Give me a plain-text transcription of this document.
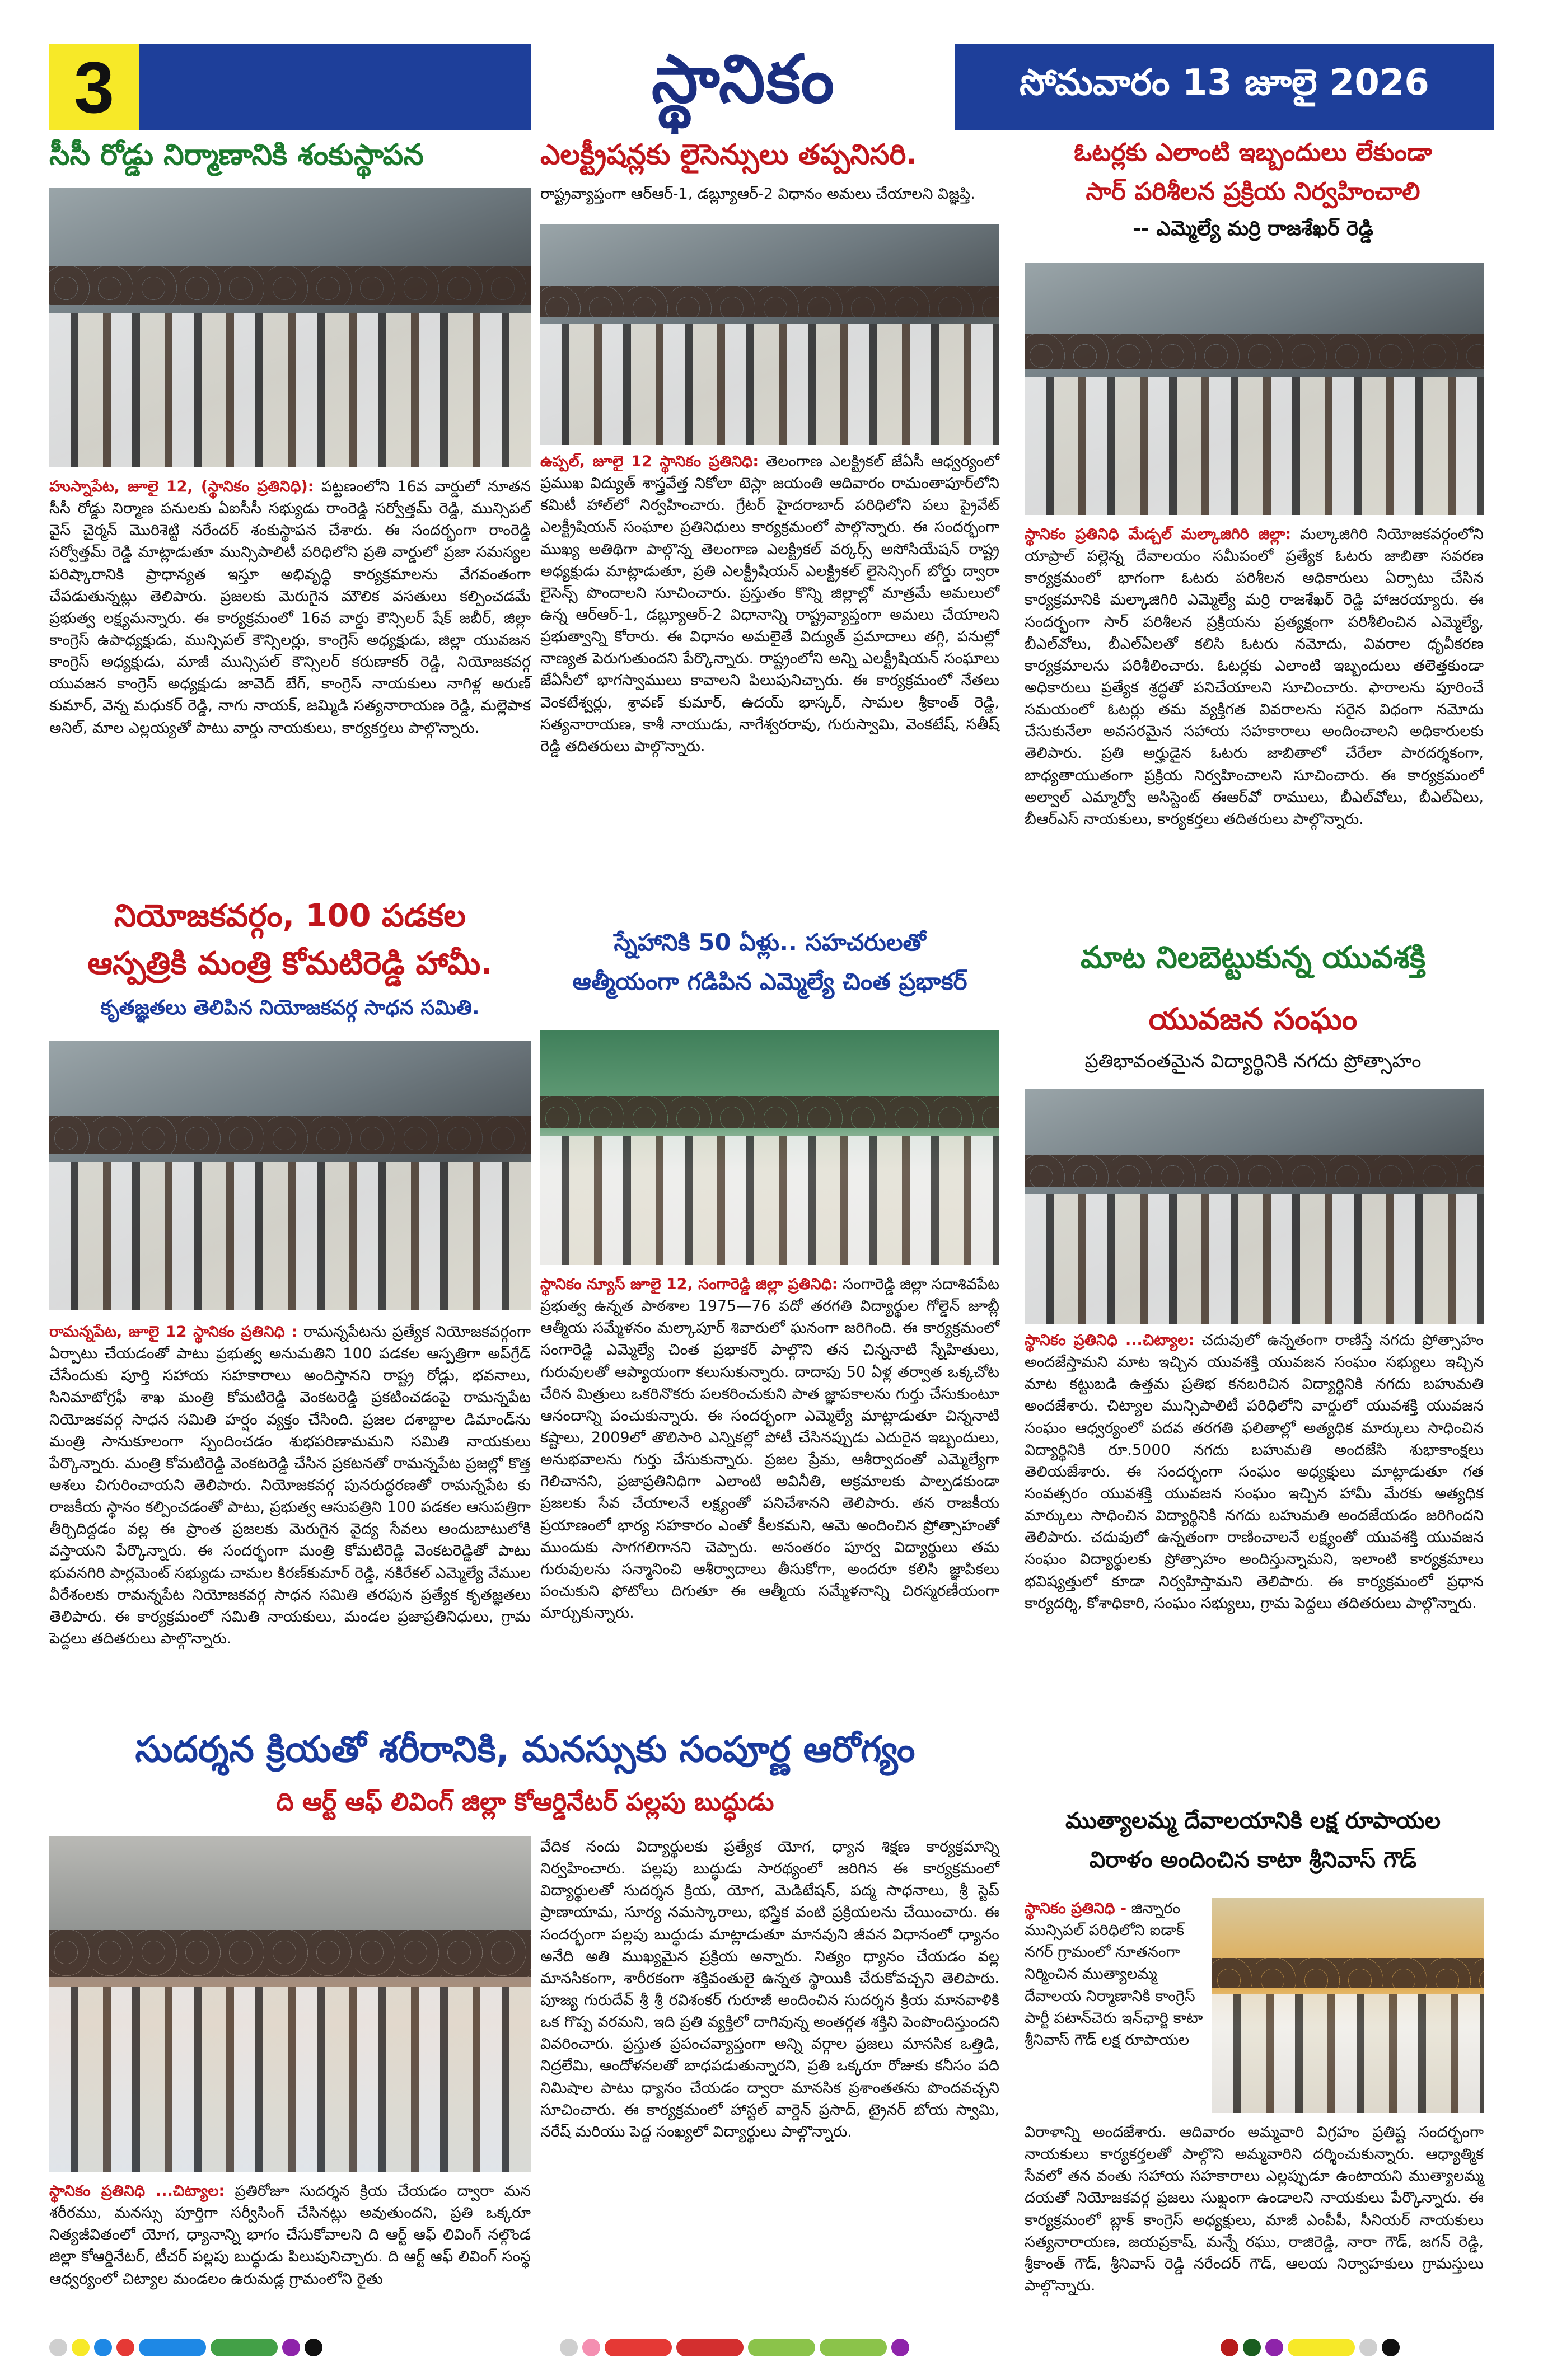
3	స్థానికం	సోమవారం 13 జూలై 2026
సీసీ రోడ్డు నిర్మాణానికి శంకుస్థాపన
హుస్నాపేట, జూలై 12, (స్థానికం ప్రతినిధి): పట్టణంలోని 16వ వార్డులో నూతన సీసీ రోడ్డు నిర్మాణ పనులకు ఏఐసీసీ సభ్యుడు రాంరెడ్డి సర్వోత్తమ్ రెడ్డి, మున్సిపల్ వైస్ చైర్మన్ మొరిశెట్టి నరేందర్ శంకుస్థాపన చేశారు. ఈ సందర్భంగా రాంరెడ్డి సర్వోత్తమ్ రెడ్డి మాట్లాడుతూ మున్సిపాలిటీ పరిధిలోని ప్రతి వార్డులో ప్రజా సమస్యల పరిష్కారానికి ప్రాధాన్యత ఇస్తూ అభివృద్ధి కార్యక్రమాలను వేగవంతంగా చేపడుతున్నట్లు తెలిపారు. ప్రజలకు మెరుగైన మౌలిక వసతులు కల్పించడమే ప్రభుత్వ లక్ష్యమన్నారు. ఈ కార్యక్రమంలో 16వ వార్డు కౌన్సిలర్ షేక్ జబీర్, జిల్లా కాంగ్రెస్ ఉపాధ్యక్షుడు, మున్సిపల్ కౌన్సిలర్లు, కాంగ్రెస్ అధ్యక్షుడు, జిల్లా యువజన కాంగ్రెస్ అధ్యక్షుడు, మాజీ మున్సిపల్ కౌన్సిలర్ కరుణాకర్ రెడ్డి, నియోజకవర్గ యువజన కాంగ్రెస్ అధ్యక్షుడు జావెద్ బేగ్, కాంగ్రెస్ నాయకులు నాగిళ్ల అరుణ్ కుమార్, వెన్న మధుకర్ రెడ్డి, నాగు నాయక్, జమ్మిడి సత్యనారాయణ రెడ్డి, మల్లెపాక అనిల్, మాల ఎల్లయ్యతో పాటు వార్డు నాయకులు, కార్యకర్తలు పాల్గొన్నారు.
ఎలక్ట్రీషన్లకు లైసెన్సులు తప్పనిసరి.
రాష్ట్రవ్యాప్తంగా ఆర్ఆర్-1, డబ్ల్యూఆర్-2 విధానం అమలు చేయాలని విజ్ఞప్తి.
ఉప్పల్, జూలై 12 స్థానికం ప్రతినిధి: తెలంగాణ ఎలక్ట్రికల్ జేఏసీ ఆధ్వర్యంలో ప్రముఖ విద్యుత్ శాస్త్రవేత్త నికోలా టెస్లా జయంతి ఆదివారం రామంతాపూర్‌లోని కమిటీ హాల్‌లో నిర్వహించారు. గ్రేటర్ హైదరాబాద్ పరిధిలోని పలు ప్రైవేట్ ఎలక్ట్రీషియన్ సంఘాల ప్రతినిధులు కార్యక్రమంలో పాల్గొన్నారు. ఈ సందర్భంగా ముఖ్య అతిథిగా పాల్గొన్న తెలంగాణ ఎలక్ట్రికల్ వర్కర్స్ అసోసియేషన్ రాష్ట్ర అధ్యక్షుడు మాట్లాడుతూ, ప్రతి ఎలక్ట్రీషియన్ ఎలక్ట్రికల్ లైసెన్సింగ్ బోర్డు ద్వారా లైసెన్స్ పొందాలని సూచించారు. ప్రస్తుతం కొన్ని జిల్లాల్లో మాత్రమే అమలులో ఉన్న ఆర్ఆర్-1, డబ్ల్యూఆర్-2 విధానాన్ని రాష్ట్రవ్యాప్తంగా అమలు చేయాలని ప్రభుత్వాన్ని కోరారు. ఈ విధానం అమలైతే విద్యుత్ ప్రమాదాలు తగ్గి, పనుల్లో నాణ్యత పెరుగుతుందని పేర్కొన్నారు. రాష్ట్రంలోని అన్ని ఎలక్ట్రీషియన్ సంఘాలు జేఏసీలో భాగస్వాములు కావాలని పిలుపునిచ్చారు. ఈ కార్యక్రమంలో నేతలు వెంకటేశ్వర్లు, శ్రావణ్ కుమార్, ఉదయ్ భాస్కర్, సామల శ్రీకాంత్ రెడ్డి, సత్యనారాయణ, కాశీ నాయుడు, నాగేశ్వరరావు, గురుస్వామి, వెంకటేష్, సతీష్ రెడ్డి తదితరులు పాల్గొన్నారు.
ఓటర్లకు ఎలాంటి ఇబ్బందులు లేకుండా
సార్ పరిశీలన ప్రక్రియ నిర్వహించాలి
-- ఎమ్మెల్యే మర్రి రాజశేఖర్ రెడ్డి
స్థానికం ప్రతినిధి మేడ్చల్ మల్కాజిగిరి జిల్లా: మల్కాజిగిరి నియోజకవర్గంలోని యాప్రాల్ పల్లెన్న దేవాలయం సమీపంలో ప్రత్యేక ఓటరు జాబితా సవరణ కార్యక్రమంలో భాగంగా ఓటరు పరిశీలన అధికారులు ఏర్పాటు చేసిన కార్యక్రమానికి మల్కాజిగిరి ఎమ్మెల్యే మర్రి రాజశేఖర్ రెడ్డి హాజరయ్యారు. ఈ సందర్భంగా సార్ పరిశీలన ప్రక్రియను ప్రత్యక్షంగా పరిశీలించిన ఎమ్మెల్యే, బీఎల్‌వోలు, బీఎల్ఏలతో కలిసి ఓటరు నమోదు, వివరాల ధృవీకరణ కార్యక్రమాలను పరిశీలించారు. ఓటర్లకు ఎలాంటి ఇబ్బందులు తలెత్తకుండా అధికారులు ప్రత్యేక శ్రద్ధతో పనిచేయాలని సూచించారు. ఫారాలను పూరించే సమయంలో ఓటర్లు తమ వ్యక్తిగత వివరాలను సరైన విధంగా నమోదు చేసుకునేలా అవసరమైన సహాయ సహకారాలు అందించాలని అధికారులకు తెలిపారు. ప్రతి అర్హుడైన ఓటరు జాబితాలో చేరేలా పారదర్శకంగా, బాధ్యతాయుతంగా ప్రక్రియ నిర్వహించాలని సూచించారు. ఈ కార్యక్రమంలో అల్వాల్ ఎమ్మార్వో అసిస్టెంట్ ఈఆర్‌వో రాములు, బీఎల్‌వోలు, బీఎల్ఏలు, బీఆర్ఎస్ నాయకులు, కార్యకర్తలు తదితరులు పాల్గొన్నారు.
నియోజకవర్గం, 100 పడకల
ఆస్పత్రికి మంత్రి కోమటిరెడ్డి హామీ.
కృతజ్ఞతలు తెలిపిన నియోజకవర్గ సాధన సమితి.
రామన్నపేట, జూలై 12 స్థానికం ప్రతినిధి : రామన్నపేటను ప్రత్యేక నియోజకవర్గంగా ఏర్పాటు చేయడంతో పాటు ప్రభుత్వ అనుమతిని 100 పడకల ఆస్పత్రిగా అప్‌గ్రేడ్ చేసేందుకు పూర్తి సహాయ సహకారాలు అందిస్తానని రాష్ట్ర రోడ్లు, భవనాలు, సినిమాటోగ్రఫీ శాఖ మంత్రి కోమటిరెడ్డి వెంకటరెడ్డి ప్రకటించడంపై రామన్నపేట నియోజకవర్గ సాధన సమితి హర్షం వ్యక్తం చేసింది. ప్రజల దశాబ్దాల డిమాండ్‌ను మంత్రి సానుకూలంగా స్పందించడం శుభపరిణామమని సమితి నాయకులు పేర్కొన్నారు. మంత్రి కోమటిరెడ్డి వెంకటరెడ్డి చేసిన ప్రకటనతో రామన్నపేట ప్రజల్లో కొత్త ఆశలు చిగురించాయని తెలిపారు. నియోజకవర్గ పునరుద్ధరణతో రామన్నపేట కు రాజకీయ స్థానం కల్పించడంతో పాటు, ప్రభుత్వ ఆసుపత్రిని 100 పడకల ఆసుపత్రిగా తీర్చిదిద్దడం వల్ల ఈ ప్రాంత ప్రజలకు మెరుగైన వైద్య సేవలు అందుబాటులోకి వస్తాయని పేర్కొన్నారు. ఈ సందర్భంగా మంత్రి కోమటిరెడ్డి వెంకటరెడ్డితో పాటు భువనగిరి పార్లమెంట్ సభ్యుడు చామల కిరణ్‌కుమార్ రెడ్డి, నకిరేకల్ ఎమ్మెల్యే వేముల వీరేశంలకు రామన్నపేట నియోజకవర్గ సాధన సమితి తరఫున ప్రత్యేక కృతజ్ఞతలు తెలిపారు. ఈ కార్యక్రమంలో సమితి నాయకులు, మండల ప్రజాప్రతినిధులు, గ్రామ పెద్దలు తదితరులు పాల్గొన్నారు.
స్నేహానికి 50 ఏళ్లు.. సహచరులతో
ఆత్మీయంగా గడిపిన ఎమ్మెల్యే చింత ప్రభాకర్
స్థానికం న్యూస్ జూలై 12, సంగారెడ్డి జిల్లా ప్రతినిధి: సంగారెడ్డి జిల్లా సదాశివపేట ప్రభుత్వ ఉన్నత పాఠశాల 1975—76 పదో తరగతి విద్యార్థుల గోల్డెన్ జూబ్లీ ఆత్మీయ సమ్మేళనం మల్కాపూర్ శివారులో ఘనంగా జరిగింది. ఈ కార్యక్రమంలో సంగారెడ్డి ఎమ్మెల్యే చింత ప్రభాకర్ పాల్గొని తన చిన్ననాటి స్నేహితులు, గురువులతో ఆప్యాయంగా కలుసుకున్నారు. దాదాపు 50 ఏళ్ల తర్వాత ఒక్కచోట చేరిన మిత్రులు ఒకరినొకరు పలకరించుకుని పాత జ్ఞాపకాలను గుర్తు చేసుకుంటూ ఆనందాన్ని పంచుకున్నారు. ఈ సందర్భంగా ఎమ్మెల్యే మాట్లాడుతూ చిన్ననాటి కష్టాలు, 2009లో తొలిసారి ఎన్నికల్లో పోటీ చేసినప్పుడు ఎదురైన ఇబ్బందులు, అనుభవాలను గుర్తు చేసుకున్నారు. ప్రజల ప్రేమ, ఆశీర్వాదంతో ఎమ్మెల్యేగా గెలిచానని, ప్రజాప్రతినిధిగా ఎలాంటి అవినీతి, అక్రమాలకు పాల్పడకుండా ప్రజలకు సేవ చేయాలనే లక్ష్యంతో పనిచేశానని తెలిపారు. తన రాజకీయ ప్రయాణంలో భార్య సహకారం ఎంతో కీలకమని, ఆమె అందించిన ప్రోత్సాహంతో ముందుకు సాగగలిగానని చెప్పారు. అనంతరం పూర్వ విద్యార్థులు తమ గురువులను సన్మానించి ఆశీర్వాదాలు తీసుకోగా, అందరూ కలిసి జ్ఞాపికలు పంచుకుని ఫోటోలు దిగుతూ ఈ ఆత్మీయ సమ్మేళనాన్ని చిరస్మరణీయంగా మార్చుకున్నారు.
మాట నిలబెట్టుకున్న యువశక్తి
యువజన సంఘం
ప్రతిభావంతమైన విద్యార్థినికి నగదు ప్రోత్సాహం
స్థానికం ప్రతినిధి ...చిట్యాల: చదువులో ఉన్నతంగా రాణిస్తే నగదు ప్రోత్సాహం అందజేస్తామని మాట ఇచ్చిన యువశక్తి యువజన సంఘం సభ్యులు ఇచ్చిన మాట కట్టుబడి ఉత్తమ ప్రతిభ కనబరిచిన విద్యార్థినికి నగదు బహుమతి అందజేశారు. చిట్యాల మున్సిపాలిటీ పరిధిలోని వార్డులో యువశక్తి యువజన సంఘం ఆధ్వర్యంలో పదవ తరగతి ఫలితాల్లో అత్యధిక మార్కులు సాధించిన విద్యార్థినికి రూ.5000 నగదు బహుమతి అందజేసి శుభాకాంక్షలు తెలియజేశారు. ఈ సందర్భంగా సంఘం అధ్యక్షులు మాట్లాడుతూ గత సంవత్సరం యువశక్తి యువజన సంఘం ఇచ్చిన హామీ మేరకు అత్యధిక మార్కులు సాధించిన విద్యార్థినికి నగదు బహుమతి అందజేయడం జరిగిందని తెలిపారు. చదువులో ఉన్నతంగా రాణించాలనే లక్ష్యంతో యువశక్తి యువజన సంఘం విద్యార్థులకు ప్రోత్సాహం అందిస్తున్నామని, ఇలాంటి కార్యక్రమాలు భవిష్యత్తులో కూడా నిర్వహిస్తామని తెలిపారు. ఈ కార్యక్రమంలో ప్రధాన కార్యదర్శి, కోశాధికారి, సంఘం సభ్యులు, గ్రామ పెద్దలు తదితరులు పాల్గొన్నారు.
సుదర్శన క్రియతో శరీరానికి, మనస్సుకు సంపూర్ణ ఆరోగ్యం
ది ఆర్ట్ ఆఫ్ లివింగ్ జిల్లా కోఆర్డినేటర్ పల్లపు బుద్ధుడు
స్థానికం ప్రతినిధి ...చిట్యాల: ప్రతిరోజూ సుదర్శన క్రియ చేయడం ద్వారా మన శరీరము, మనస్సు పూర్తిగా సర్వీసింగ్ చేసినట్లు అవుతుందని, ప్రతి ఒక్కరూ నిత్యజీవితంలో యోగ, ధ్యానాన్ని భాగం చేసుకోవాలని ది ఆర్ట్ ఆఫ్ లివింగ్ నల్గొండ జిల్లా కోఆర్డినేటర్, టీచర్ పల్లపు బుద్ధుడు పిలుపునిచ్చారు. ది ఆర్ట్ ఆఫ్ లివింగ్ సంస్థ ఆధ్వర్యంలో చిట్యాల మండలం ఉరుమడ్ల గ్రామంలోని రైతు
వేదిక నందు విద్యార్థులకు ప్రత్యేక యోగ, ధ్యాన శిక్షణ కార్యక్రమాన్ని నిర్వహించారు. పల్లపు బుద్ధుడు సారథ్యంలో జరిగిన ఈ కార్యక్రమంలో విద్యార్థులతో సుదర్శన క్రియ, యోగ, మెడిటేషన్, పద్మ సాధనాలు, శ్రీ స్టెప్ ప్రాణాయామ, సూర్య నమస్కారాలు, భస్త్రిక వంటి ప్రక్రియలను చేయించారు. ఈ సందర్భంగా పల్లపు బుద్ధుడు మాట్లాడుతూ మానవుని జీవన విధానంలో ధ్యానం అనేది అతి ముఖ్యమైన ప్రక్రియ అన్నారు. నిత్యం ధ్యానం చేయడం వల్ల మానసికంగా, శారీరకంగా శక్తివంతులై ఉన్నత స్థాయికి చేరుకోవచ్చని తెలిపారు. పూజ్య గురుదేవ్ శ్రీ శ్రీ రవిశంకర్ గురూజీ అందించిన సుదర్శన క్రియ మానవాళికి ఒక గొప్ప వరమని, ఇది ప్రతి వ్యక్తిలో దాగివున్న అంతర్గత శక్తిని పెంపొందిస్తుందని వివరించారు. ప్రస్తుత ప్రపంచవ్యాప్తంగా అన్ని వర్గాల ప్రజలు మానసిక ఒత్తిడి, నిద్రలేమి, ఆందోళనలతో బాధపడుతున్నారని, ప్రతి ఒక్కరూ రోజుకు కనీసం పది నిమిషాల పాటు ధ్యానం చేయడం ద్వారా మానసిక ప్రశాంతతను పొందవచ్చని సూచించారు. ఈ కార్యక్రమంలో హాస్టల్ వార్డెన్ ప్రసాద్, ట్రైనర్ బోయ స్వామి, నరేష్ మరియు పెద్ద సంఖ్యలో విద్యార్థులు పాల్గొన్నారు.
ముత్యాలమ్మ దేవాలయానికి లక్ష రూపాయల
విరాళం అందించిన కాటా శ్రీనివాస్ గౌడ్
స్థానికం ప్రతినిధి - జిన్నారం మున్సిపల్ పరిధిలోని ఐడాక్ నగర్ గ్రామంలో నూతనంగా నిర్మించిన ముత్యాలమ్మ దేవాలయ నిర్మాణానికి కాంగ్రెస్ పార్టీ పటాన్‌చెరు ఇన్‌ఛార్జి కాటా శ్రీనివాస్ గౌడ్ లక్ష రూపాయల
విరాళాన్ని అందజేశారు. ఆదివారం అమ్మవారి విగ్రహం ప్రతిష్ట సందర్భంగా నాయకులు కార్యకర్తలతో పాల్గొని అమ్మవారిని దర్శించుకున్నారు. ఆధ్యాత్మిక సేవలో తన వంతు సహాయ సహకారాలు ఎల్లప్పుడూ ఉంటాయని ముత్యాలమ్మ దయతో నియోజకవర్గ ప్రజలు సుఖ్షంగా ఉండాలని నాయకులు పేర్కొన్నారు. ఈ కార్యక్రమంలో బ్లాక్ కాంగ్రెస్ అధ్యక్షులు, మాజీ ఎంపీపీ, సీనియర్ నాయకులు సత్యనారాయణ, జయప్రకాష్, మన్నే రఘు, రాజిరెడ్డి, నారా గౌడ్, జగన్ రెడ్డి, శ్రీకాంత్ గౌడ్, శ్రీనివాస్ రెడ్డి నరేందర్ గౌడ్, ఆలయ నిర్వాహకులు గ్రామస్తులు పాల్గొన్నారు.
